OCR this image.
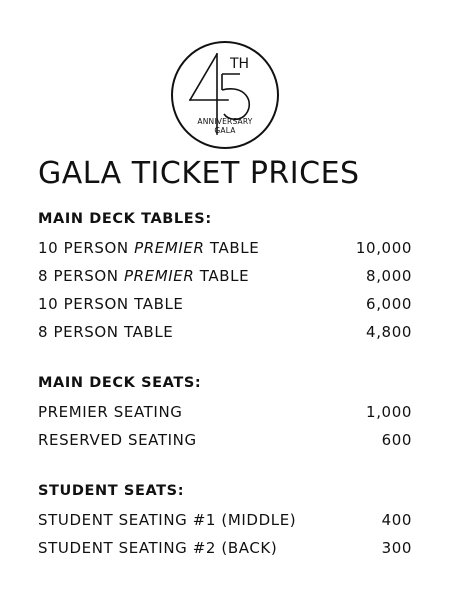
TH
ANNIVERSARY
GALA
GALA TICKET PRICES
MAIN DECK TABLES:
10 PERSON PREMIER TABLE	10,000
8 PERSON PREMIER TABLE	8,000
10 PERSON TABLE	6,000
8 PERSON TABLE	4,800
MAIN DECK SEATS:
PREMIER SEATING	1,000
RESERVED SEATING	600
STUDENT SEATS:
STUDENT SEATING #1 (MIDDLE)	400
STUDENT SEATING #2 (BACK)	300
